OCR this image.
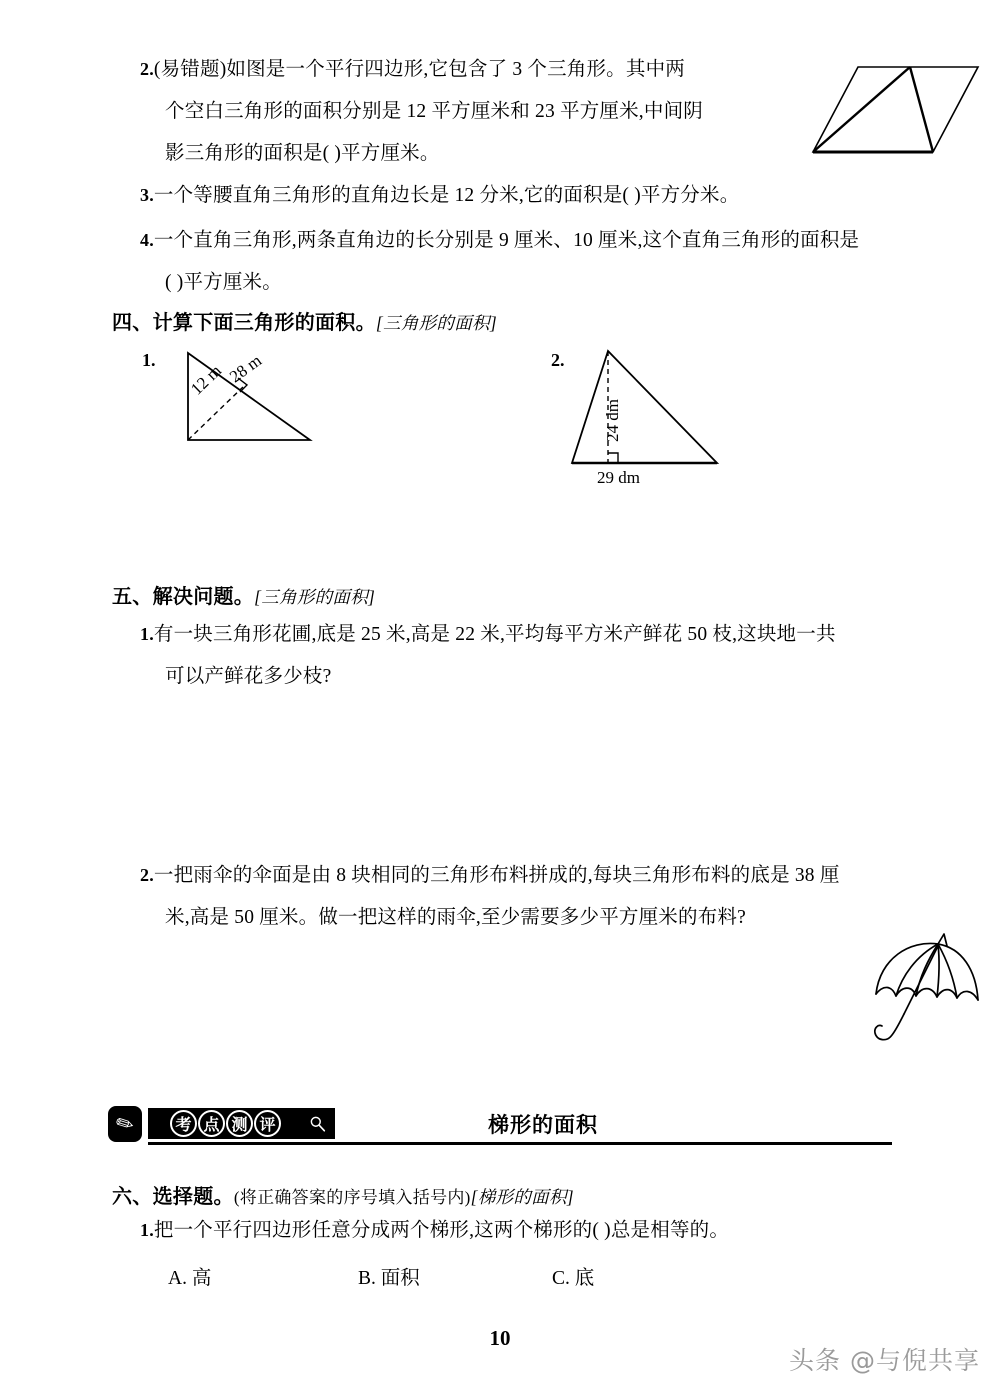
2.(易错题)如图是一个平行四边形,它包含了 3 个三角形。其中两
个空白三角形的面积分别是 12 平方厘米和 23 平方厘米,中间阴
影三角形的面积是( )平方厘米。
3.一个等腰直角三角形的直角边长是 12 分米,它的面积是( )平方分米。
4.一个直角三角形,两条直角边的长分别是 9 厘米、10 厘米,这个直角三角形的面积是
( )平方厘米。
四、计算下面三角形的面积。[三角形的面积]
1.
12 m 28 m	2.
24 dm
29 dm
五、解决问题。[三角形的面积]
1.有一块三角形花圃,底是 25 米,高是 22 米,平均每平方米产鲜花 50 枝,这块地一共
可以产鲜花多少枝?
2.一把雨伞的伞面是由 8 块相同的三角形布料拼成的,每块三角形布料的底是 38 厘
米,高是 50 厘米。做一把这样的雨伞,至少需要多少平方厘米的布料?
✎	考 点 测 评	梯形的面积
六、选择题。(将正确答案的序号填入括号内)[梯形的面积]
1.把一个平行四边形任意分成两个梯形,这两个梯形的( )总是相等的。
A. 高	B. 面积	C. 底
10
头条 @与倪共享
